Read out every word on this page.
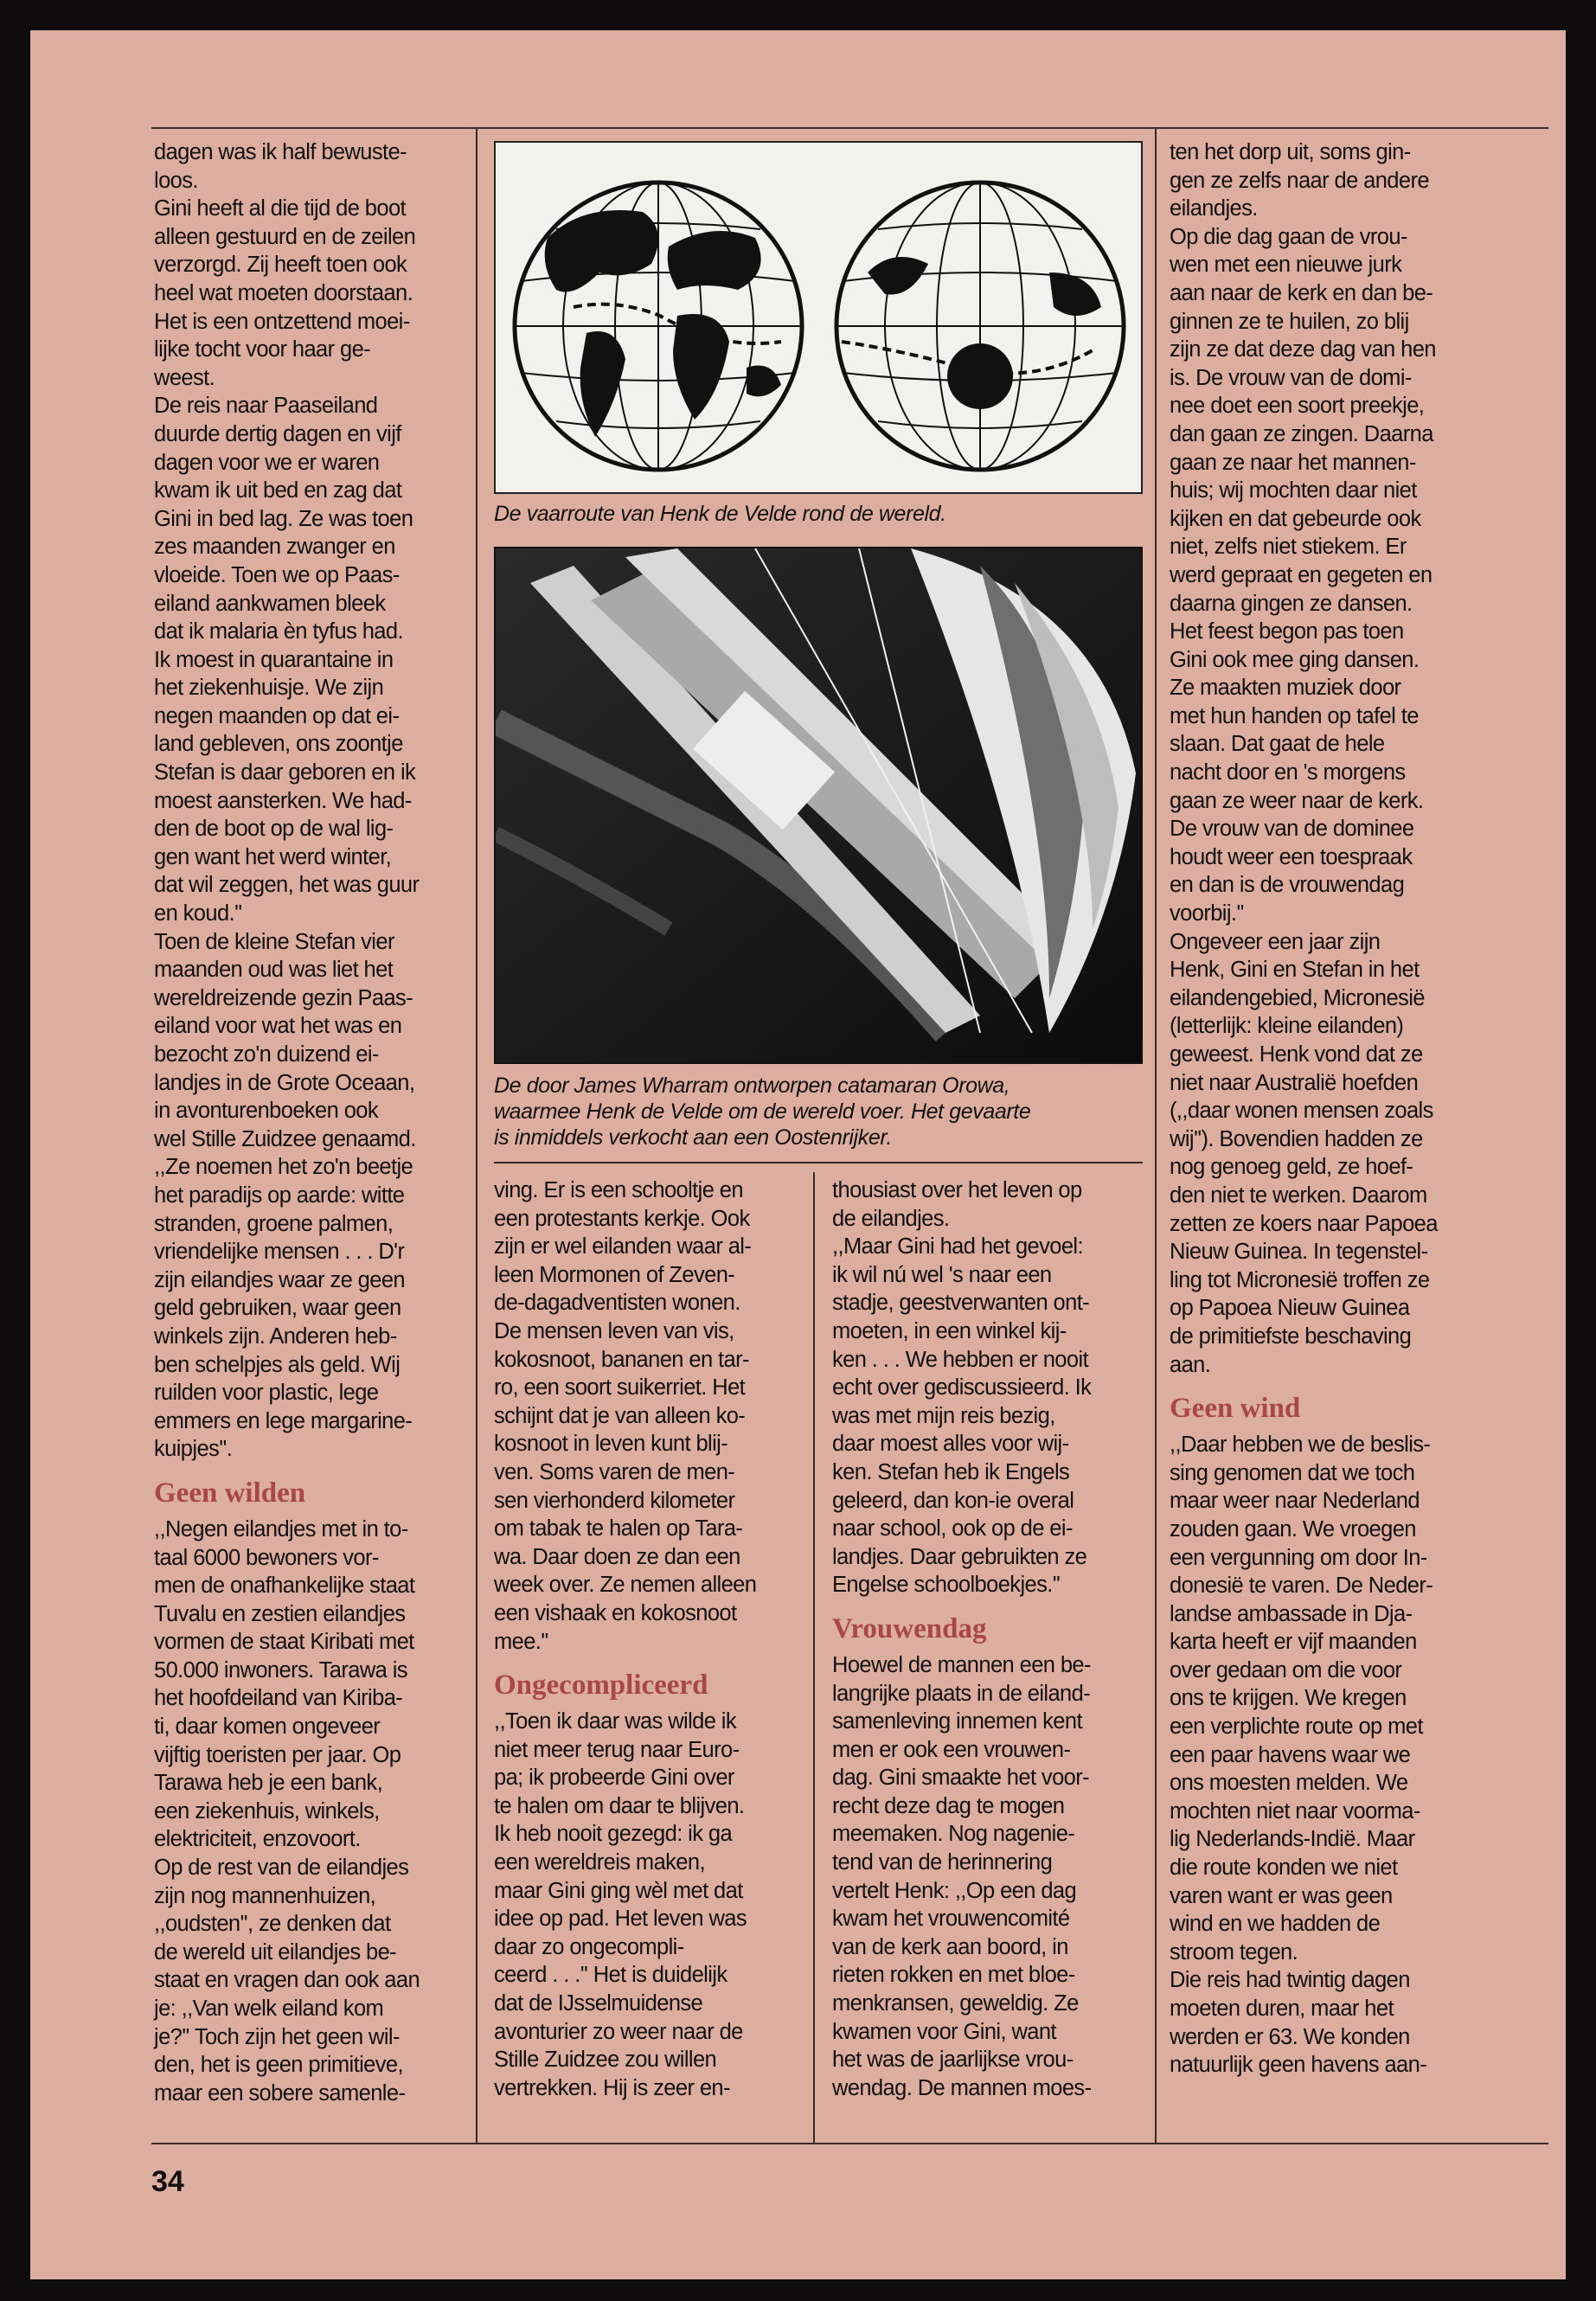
dagen was ik half bewuste-
loos.
Gini heeft al die tijd de boot
alleen gestuurd en de zeilen
verzorgd. Zij heeft toen ook
heel wat moeten doorstaan.
Het is een ontzettend moei-
lijke tocht voor haar ge-
weest.
De reis naar Paaseiland
duurde dertig dagen en vijf
dagen voor we er waren
kwam ik uit bed en zag dat
Gini in bed lag. Ze was toen
zes maanden zwanger en
vloeide. Toen we op Paas-
eiland aankwamen bleek
dat ik malaria èn tyfus had.
Ik moest in quarantaine in
het ziekenhuisje. We zijn
negen maanden op dat ei-
land gebleven, ons zoontje
Stefan is daar geboren en ik
moest aansterken. We had-
den de boot op de wal lig-
gen want het werd winter,
dat wil zeggen, het was guur
en koud.''
Toen de kleine Stefan vier
maanden oud was liet het
wereldreizende gezin Paas-
eiland voor wat het was en
bezocht zo'n duizend ei-
landjes in de Grote Oceaan,
in avonturenboeken ook
wel Stille Zuidzee genaamd.
,,Ze noemen het zo'n beetje
het paradijs op aarde: witte
stranden, groene palmen,
vriendelijke mensen . . . D'r
zijn eilandjes waar ze geen
geld gebruiken, waar geen
winkels zijn. Anderen heb-
ben schelpjes als geld. Wij
ruilden voor plastic, lege
emmers en lege margarine-
kuipjes''.

Geen wilden

,,Negen eilandjes met in to-
taal 6000 bewoners vor-
men de onafhankelijke staat
Tuvalu en zestien eilandjes
vormen de staat Kiribati met
50.000 inwoners. Tarawa is
het hoofdeiland van Kiriba-
ti, daar komen ongeveer
vijftig toeristen per jaar. Op
Tarawa heb je een bank,
een ziekenhuis, winkels,
elektriciteit, enzovoort.
Op de rest van de eilandjes
zijn nog mannenhuizen,
,,oudsten'', ze denken dat
de wereld uit eilandjes be-
staat en vragen dan ook aan
je: ,,Van welk eiland kom
je?'' Toch zijn het geen wil-
den, het is geen primitieve,
maar een sobere samenle-

De vaarroute van Henk de Velde rond de wereld.
De door James Wharram ontworpen catamaran Orowa,
waarmee Henk de Velde om de wereld voer. Het gevaarte
is inmiddels verkocht aan een Oostenrijker.

ving. Er is een schooltje en
een protestants kerkje. Ook
zijn er wel eilanden waar al-
leen Mormonen of Zeven-
de-dagadventisten wonen.
De mensen leven van vis,
kokosnoot, bananen en tar-
ro, een soort suikerriet. Het
schijnt dat je van alleen ko-
kosnoot in leven kunt blij-
ven. Soms varen de men-
sen vierhonderd kilometer
om tabak te halen op Tara-
wa. Daar doen ze dan een
week over. Ze nemen alleen
een vishaak en kokosnoot
mee.''

Ongecompliceerd

,,Toen ik daar was wilde ik
niet meer terug naar Euro-
pa; ik probeerde Gini over
te halen om daar te blijven.
Ik heb nooit gezegd: ik ga
een wereldreis maken,
maar Gini ging wèl met dat
idee op pad. Het leven was
daar zo ongecompli-
ceerd . . .'' Het is duidelijk
dat de IJsselmuidense
avonturier zo weer naar de
Stille Zuidzee zou willen
vertrekken. Hij is zeer en-

thousiast over het leven op
de eilandjes.
,,Maar Gini had het gevoel:
ik wil nú wel 's naar een
stadje, geestverwanten ont-
moeten, in een winkel kij-
ken . . . We hebben er nooit
echt over gediscussieerd. Ik
was met mijn reis bezig,
daar moest alles voor wij-
ken. Stefan heb ik Engels
geleerd, dan kon-ie overal
naar school, ook op de ei-
landjes. Daar gebruikten ze
Engelse schoolboekjes.''

Vrouwendag

Hoewel de mannen een be-
langrijke plaats in de eiland-
samenleving innemen kent
men er ook een vrouwen-
dag. Gini smaakte het voor-
recht deze dag te mogen
meemaken. Nog nagenie-
tend van de herinnering
vertelt Henk: ,,Op een dag
kwam het vrouwencomité
van de kerk aan boord, in
rieten rokken en met bloe-
menkransen, geweldig. Ze
kwamen voor Gini, want
het was de jaarlijkse vrou-
wendag. De mannen moes-

ten het dorp uit, soms gin-
gen ze zelfs naar de andere
eilandjes.
Op die dag gaan de vrou-
wen met een nieuwe jurk
aan naar de kerk en dan be-
ginnen ze te huilen, zo blij
zijn ze dat deze dag van hen
is. De vrouw van de domi-
nee doet een soort preekje,
dan gaan ze zingen. Daarna
gaan ze naar het mannen-
huis; wij mochten daar niet
kijken en dat gebeurde ook
niet, zelfs niet stiekem. Er
werd gepraat en gegeten en
daarna gingen ze dansen.
Het feest begon pas toen
Gini ook mee ging dansen.
Ze maakten muziek door
met hun handen op tafel te
slaan. Dat gaat de hele
nacht door en 's morgens
gaan ze weer naar de kerk.
De vrouw van de dominee
houdt weer een toespraak
en dan is de vrouwendag
voorbij.''
Ongeveer een jaar zijn
Henk, Gini en Stefan in het
eilandengebied, Micronesië
(letterlijk: kleine eilanden)
geweest. Henk vond dat ze
niet naar Australië hoefden
(,,daar wonen mensen zoals
wij''). Bovendien hadden ze
nog genoeg geld, ze hoef-
den niet te werken. Daarom
zetten ze koers naar Papoea
Nieuw Guinea. In tegenstel-
ling tot Micronesië troffen ze
op Papoea Nieuw Guinea
de primitiefste beschaving
aan.

Geen wind

,,Daar hebben we de beslis-
sing genomen dat we toch
maar weer naar Nederland
zouden gaan. We vroegen
een vergunning om door In-
donesië te varen. De Neder-
landse ambassade in Dja-
karta heeft er vijf maanden
over gedaan om die voor
ons te krijgen. We kregen
een verplichte route op met
een paar havens waar we
ons moesten melden. We
mochten niet naar voorma-
lig Nederlands-Indië. Maar
die route konden we niet
varen want er was geen
wind en we hadden de
stroom tegen.
Die reis had twintig dagen
moeten duren, maar het
werden er 63. We konden
natuurlijk geen havens aan-

34
